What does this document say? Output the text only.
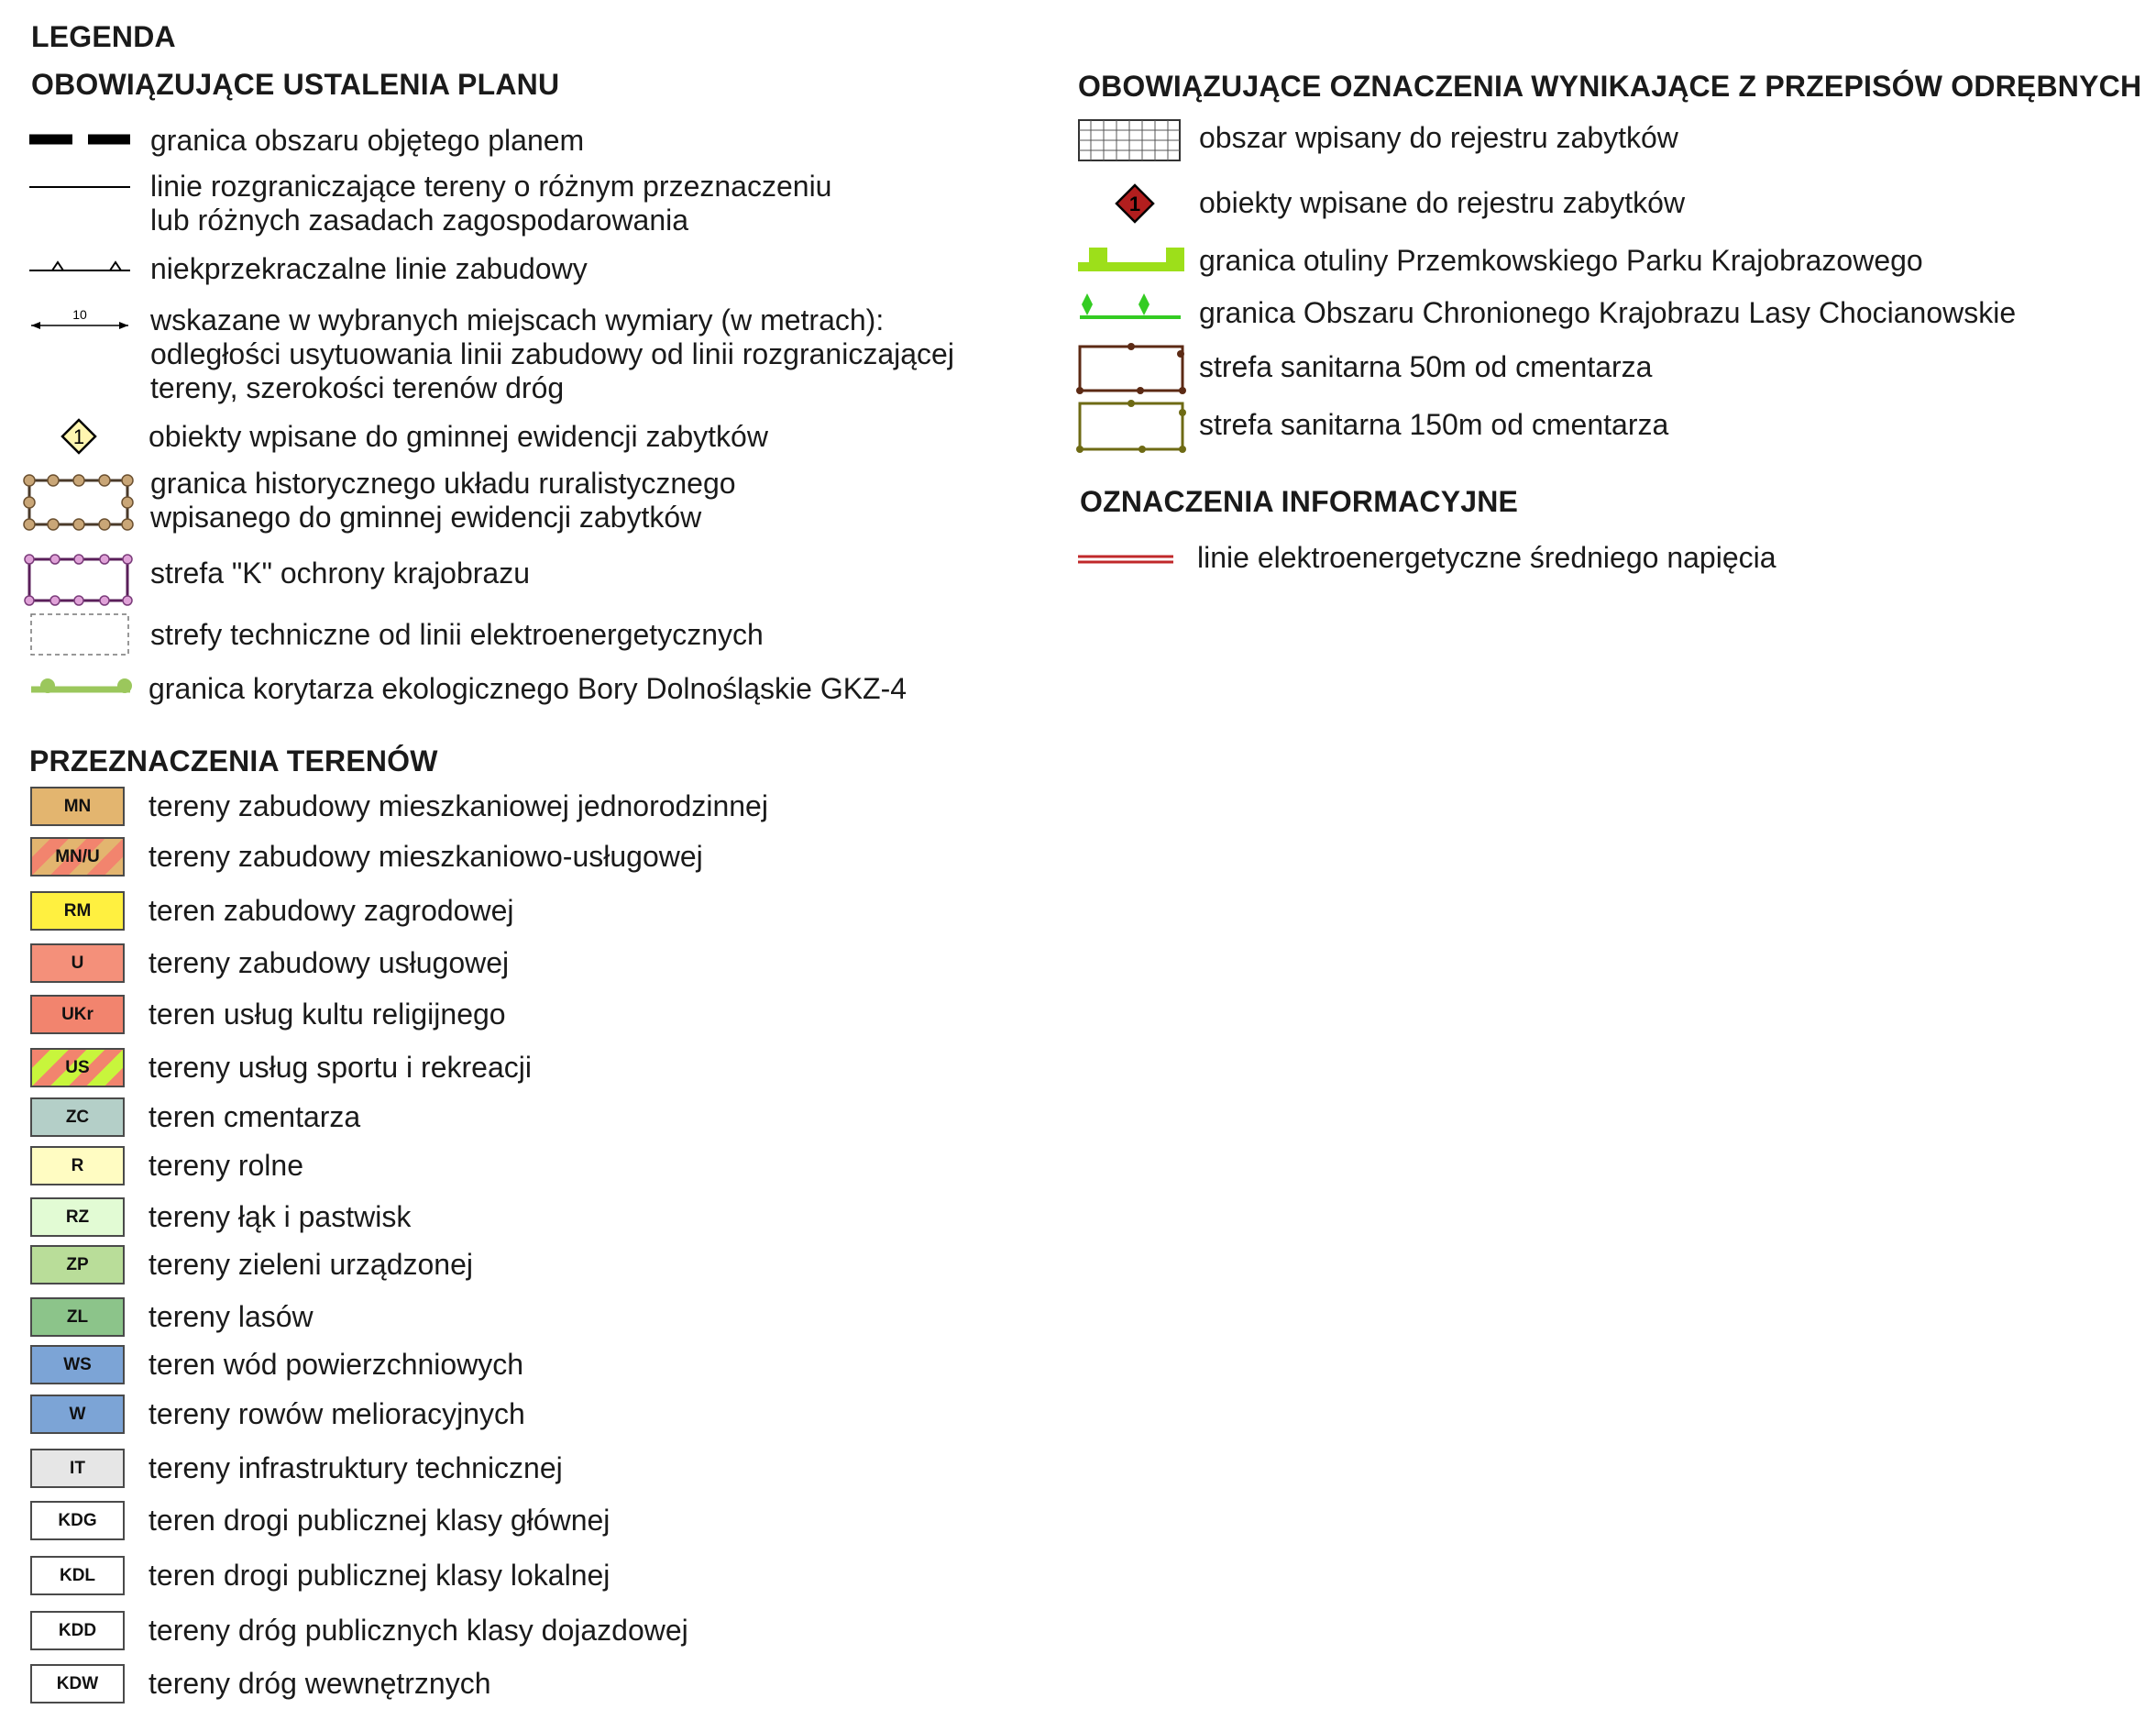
LEGENDA
OBOWIĄZUJĄCE USTALENIA PLANU
granica obszaru objętego planem
linie rozgraniczające tereny o różnym przeznaczeniu
lub różnych zasadach zagospodarowania
niekprzekraczalne linie zabudowy
10 wskazane w wybranych miejscach wymiary (w metrach):
odległości usytuowania linii zabudowy od linii rozgraniczającej
tereny, szerokości terenów dróg
1 obiekty wpisane do gminnej ewidencji zabytków
granica historycznego układu ruralistycznego
wpisanego do gminnej ewidencji zabytków
strefa "K" ochrony krajobrazu
strefy techniczne od linii elektroenergetycznych
granica korytarza ekologicznego Bory Dolnośląskie GKZ-4
PRZEZNACZENIA TERENÓW
MN tereny zabudowy mieszkaniowej jednorodzinnej
MN/U tereny zabudowy mieszkaniowo-usługowej
RM teren zabudowy zagrodowej
U tereny zabudowy usługowej
UKr teren usług kultu religijnego
US tereny usług sportu i rekreacji
ZC teren cmentarza
R tereny rolne
RZ tereny łąk i pastwisk
ZP tereny zieleni urządzonej
ZL tereny lasów
WS teren wód powierzchniowych
W tereny rowów melioracyjnych
IT tereny infrastruktury technicznej
KDG teren drogi publicznej klasy głównej
KDL teren drogi publicznej klasy lokalnej
KDD tereny dróg publicznych klasy dojazdowej
KDW tereny dróg wewnętrznych
OBOWIĄZUJĄCE OZNACZENIA WYNIKAJĄCE Z PRZEPISÓW ODRĘBNYCH
obszar wpisany do rejestru zabytków
1 obiekty wpisane do rejestru zabytków
granica otuliny Przemkowskiego Parku Krajobrazowego
granica Obszaru Chronionego Krajobrazu Lasy Chocianowskie
strefa sanitarna 50m od cmentarza
strefa sanitarna 150m od cmentarza
OZNACZENIA INFORMACYJNE
linie elektroenergetyczne średniego napięcia
